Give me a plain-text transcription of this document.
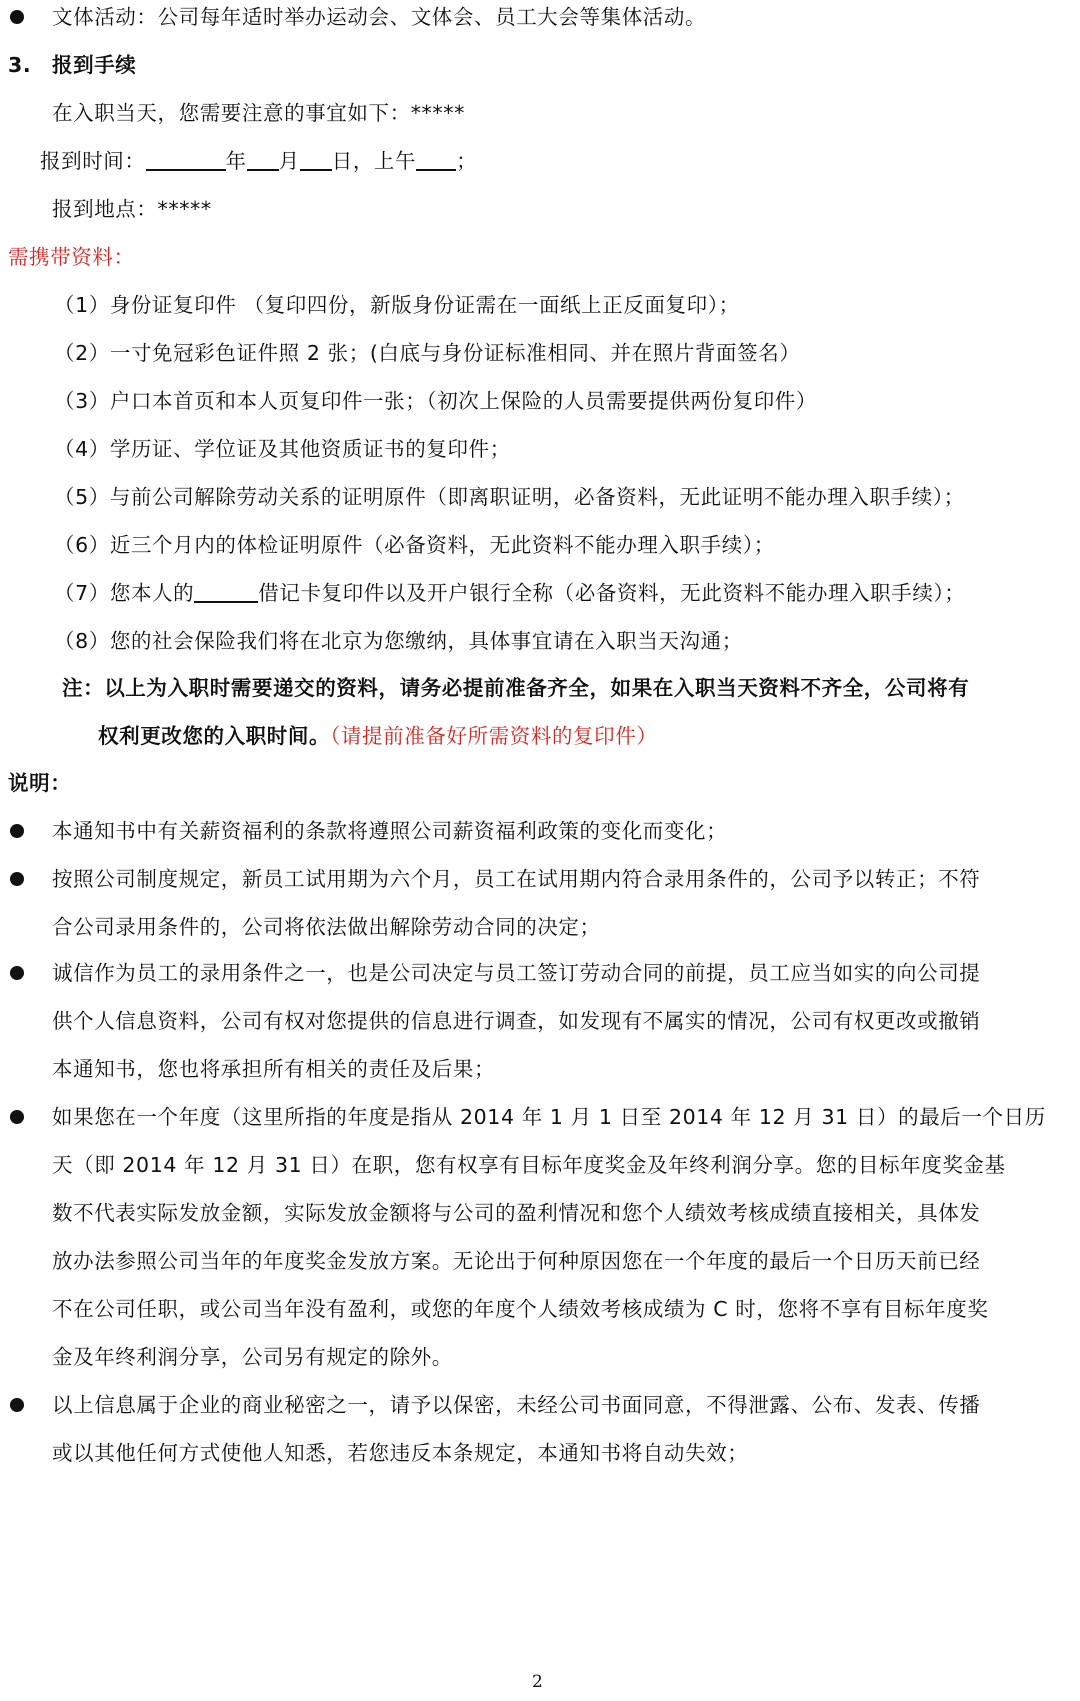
文体活动：公司每年适时举办运动会、文体会、员工大会等集体活动。
3. 报到手续
在入职当天，您需要注意的事宜如下：*****
报到时间：	年 月 日，上午 ；
报到地点：*****
需携带资料：
（1）身份证复印件 （复印四份，新版身份证需在一面纸上正反面复印）；
（2）一寸免冠彩色证件照 2 张；(白底与身份证标准相同、并在照片背面签名）
（3）户口本首页和本人页复印件一张；（初次上保险的人员需要提供两份复印件）
（4）学历证、学位证及其他资质证书的复印件；
（5）与前公司解除劳动关系的证明原件（即离职证明，必备资料，无此证明不能办理入职手续）；
（6）近三个月内的体检证明原件（必备资料，无此资料不能办理入职手续）；
（7）您本人的	借记卡复印件以及开户银行全称（必备资料，无此资料不能办理入职手续）；
（8）您的社会保险我们将在北京为您缴纳，具体事宜请在入职当天沟通；
注：以上为入职时需要递交的资料，请务必提前准备齐全，如果在入职当天资料不齐全，公司将有
权利更改您的入职时间。（请提前准备好所需资料的复印件）
说明：
本通知书中有关薪资福利的条款将遵照公司薪资福利政策的变化而变化；
按照公司制度规定，新员工试用期为六个月，员工在试用期内符合录用条件的，公司予以转正；不符
合公司录用条件的，公司将依法做出解除劳动合同的决定；
诚信作为员工的录用条件之一，也是公司决定与员工签订劳动合同的前提，员工应当如实的向公司提
供个人信息资料，公司有权对您提供的信息进行调查，如发现有不属实的情况，公司有权更改或撤销
本通知书，您也将承担所有相关的责任及后果；
如果您在一个年度（这里所指的年度是指从 2014 年 1 月 1 日至 2014 年 12 月 31 日）的最后一个日历
天（即 2014 年 12 月 31 日）在职，您有权享有目标年度奖金及年终利润分享。您的目标年度奖金基
数不代表实际发放金额，实际发放金额将与公司的盈利情况和您个人绩效考核成绩直接相关，具体发
放办法参照公司当年的年度奖金发放方案。无论出于何种原因您在一个年度的最后一个日历天前已经
不在公司任职，或公司当年没有盈利，或您的年度个人绩效考核成绩为 C 时，您将不享有目标年度奖
金及年终利润分享，公司另有规定的除外。
以上信息属于企业的商业秘密之一，请予以保密，未经公司书面同意，不得泄露、公布、发表、传播
或以其他任何方式使他人知悉，若您违反本条规定，本通知书将自动失效；
2
